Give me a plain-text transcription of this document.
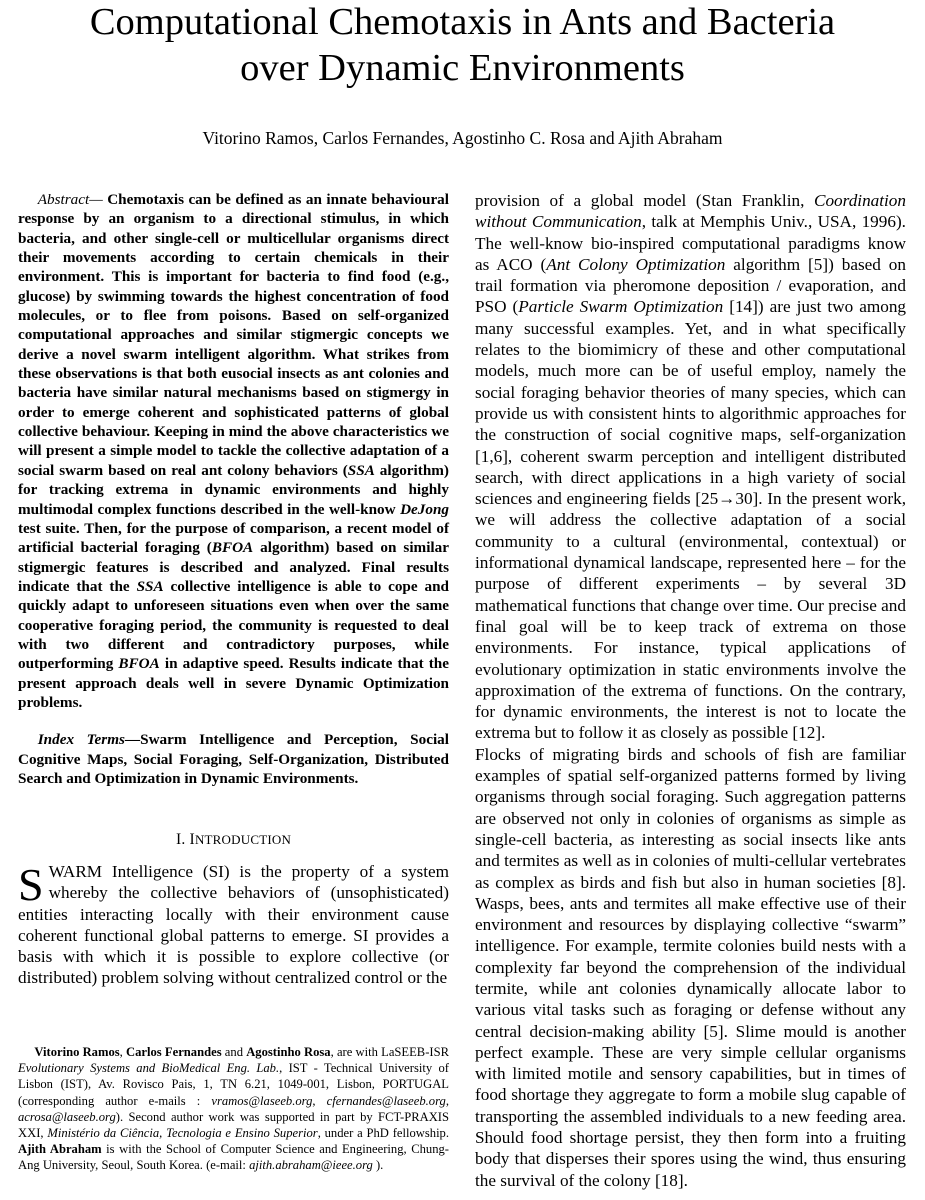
Computational Chemotaxis in Ants and Bacteria
over Dynamic Environments

Vitorino Ramos, Carlos Fernandes, Agostinho C. Rosa and Ajith Abraham

Abstract— Chemotaxis can be defined as an innate behavioural response by an organism to a directional stimulus, in which bacteria, and other single-cell or multicellular organisms direct their movements according to certain chemicals in their environment. This is important for bacteria to find food (e.g., glucose) by swimming towards the highest concentration of food molecules, or to flee from poisons. Based on self-organized computational approaches and similar stigmergic concepts we derive a novel swarm intelligent algorithm. What strikes from these observations is that both eusocial insects as ant colonies and bacteria have similar natural mechanisms based on stigmergy in order to emerge coherent and sophisticated patterns of global collective behaviour. Keeping in mind the above characteristics we will present a simple model to tackle the collective adaptation of a social swarm based on real ant colony behaviors (SSA algorithm) for tracking extrema in dynamic environments and highly multimodal complex functions described in the well-know DeJong test suite. Then, for the purpose of comparison, a recent model of artificial bacterial foraging (BFOA algorithm) based on similar stigmergic features is described and analyzed. Final results indicate that the SSA collective intelligence is able to cope and quickly adapt to unforeseen situations even when over the same cooperative foraging period, the community is requested to deal with two different and contradictory purposes, while outperforming BFOA in adaptive speed. Results indicate that the present approach deals well in severe Dynamic Optimization problems.

Index Terms—Swarm Intelligence and Perception, Social Cognitive Maps, Social Foraging, Self-Organization, Distributed Search and Optimization in Dynamic Environments.

I. INTRODUCTION

SWARM Intelligence (SI) is the property of a system whereby the collective behaviors of (unsophisticated) entities interacting locally with their environment cause coherent functional global patterns to emerge. SI provides a basis with which it is possible to explore collective (or distributed) problem solving without centralized control or the

Vitorino Ramos, Carlos Fernandes and Agostinho Rosa, are with LaSEEB-ISR Evolutionary Systems and BioMedical Eng. Lab., IST - Technical University of Lisbon (IST), Av. Rovisco Pais, 1, TN 6.21, 1049-001, Lisbon, PORTUGAL (corresponding author e-mails : vramos@laseeb.org, cfernandes@laseeb.org, acrosa@laseeb.org). Second author work was supported in part by FCT-PRAXIS XXI, Ministério da Ciência, Tecnologia e Ensino Superior, under a PhD fellowship. Ajith Abraham is with the School of Computer Science and Engineering, Chung-Ang University, Seoul, South Korea. (e-mail: ajith.abraham@ieee.org ).

provision of a global model (Stan Franklin, Coordination without Communication, talk at Memphis Univ., USA, 1996). The well-know bio-inspired computational paradigms know as ACO (Ant Colony Optimization algorithm [5]) based on trail formation via pheromone deposition / evaporation, and PSO (Particle Swarm Optimization [14]) are just two among many successful examples. Yet, and in what specifically relates to the biomimicry of these and other computational models, much more can be of useful employ, namely the social foraging behavior theories of many species, which can provide us with consistent hints to algorithmic approaches for the construction of social cognitive maps, self-organization [1,6], coherent swarm perception and intelligent distributed search, with direct applications in a high variety of social sciences and engineering fields [25→30]. In the present work, we will address the collective adaptation of a social community to a cultural (environmental, contextual) or informational dynamical landscape, represented here – for the purpose of different experiments – by several 3D mathematical functions that change over time. Our precise and final goal will be to keep track of extrema on those environments. For instance, typical applications of evolutionary optimization in static environments involve the approximation of the extrema of functions. On the contrary, for dynamic environments, the interest is not to locate the extrema but to follow it as closely as possible [12].

Flocks of migrating birds and schools of fish are familiar examples of spatial self-organized patterns formed by living organisms through social foraging. Such aggregation patterns are observed not only in colonies of organisms as simple as single-cell bacteria, as interesting as social insects like ants and termites as well as in colonies of multi-cellular vertebrates as complex as birds and fish but also in human societies [8]. Wasps, bees, ants and termites all make effective use of their environment and resources by displaying collective “swarm” intelligence. For example, termite colonies build nests with a complexity far beyond the comprehension of the individual termite, while ant colonies dynamically allocate labor to various vital tasks such as foraging or defense without any central decision-making ability [5]. Slime mould is another perfect example. These are very simple cellular organisms with limited motile and sensory capabilities, but in times of food shortage they aggregate to form a mobile slug capable of transporting the assembled individuals to a new feeding area. Should food shortage persist, they then form into a fruiting body that disperses their spores using the wind, thus ensuring the survival of the colony [18].
